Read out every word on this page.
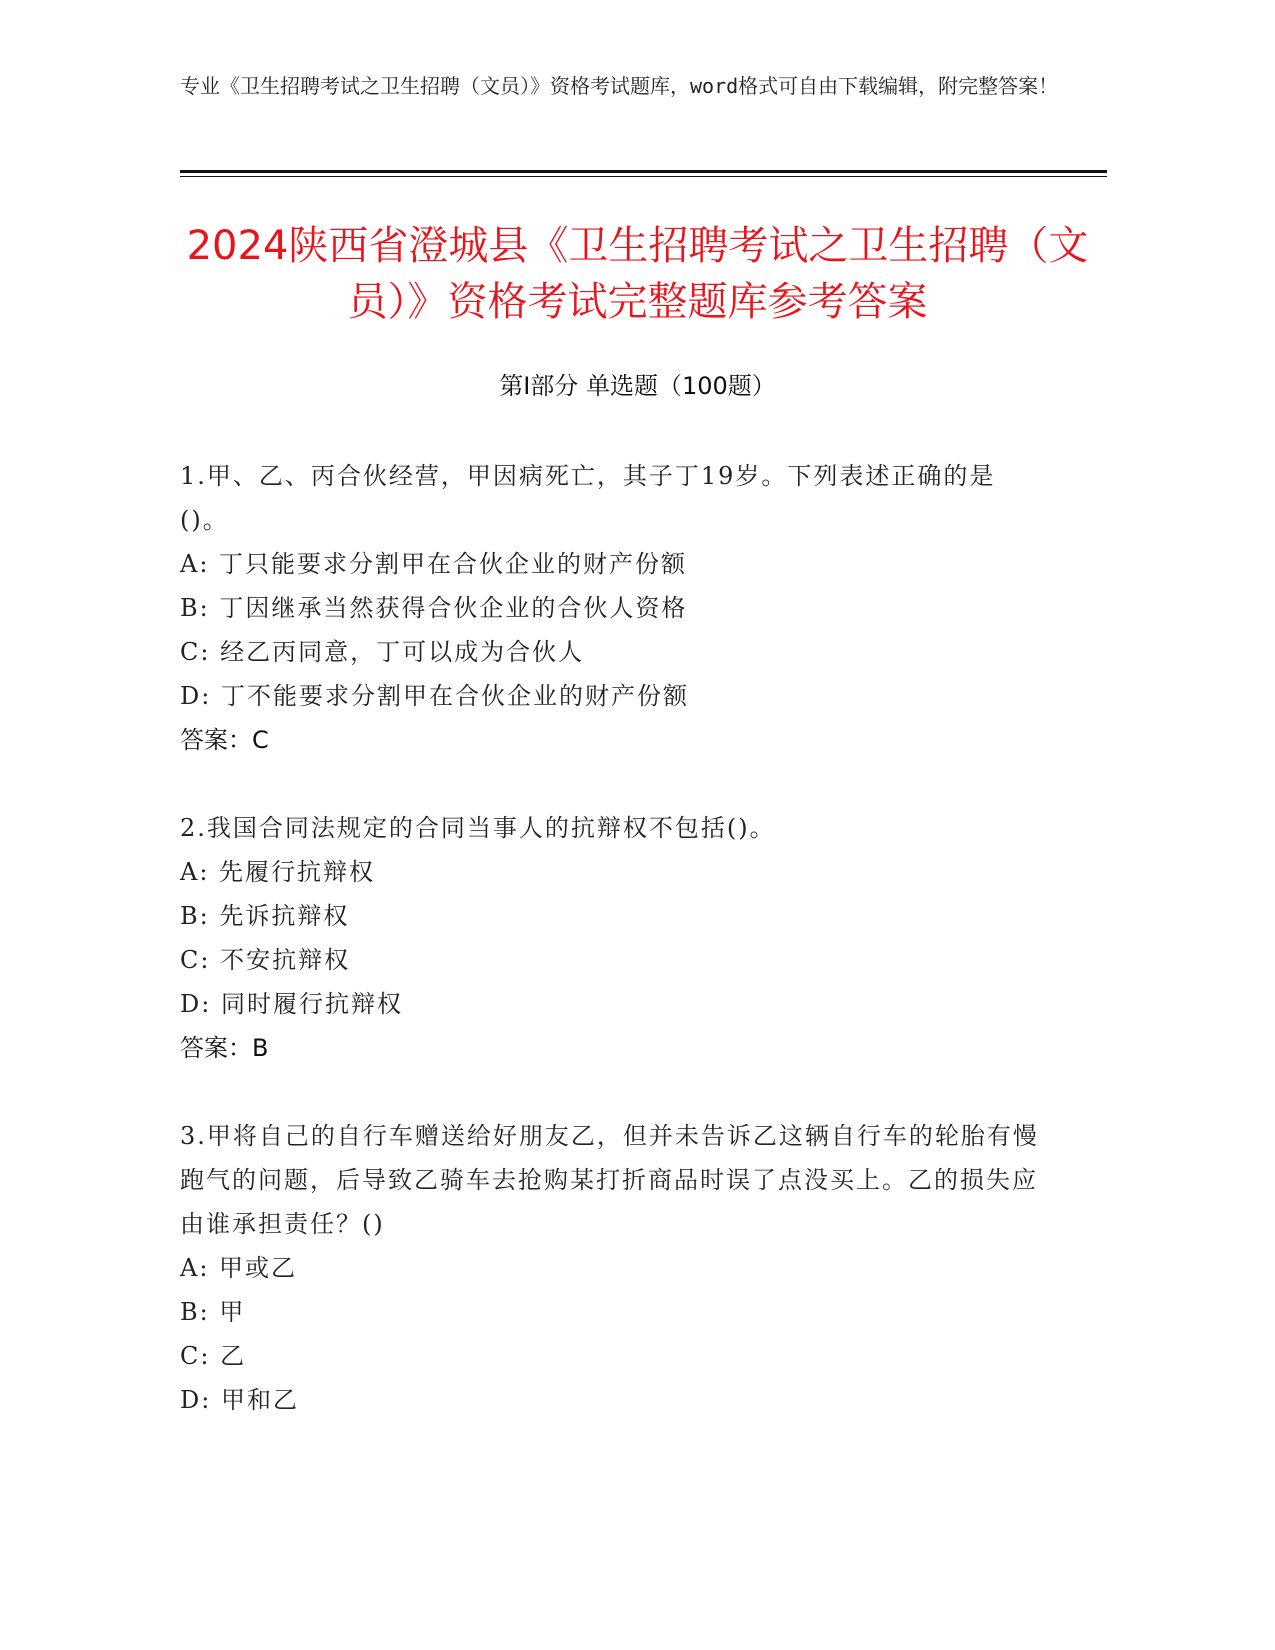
专业《卫生招聘考试之卫生招聘（文员）》资格考试题库，word格式可自由下载编辑，附完整答案！
2024陕西省澄城县《卫生招聘考试之卫生招聘（文员）》资格考试完整题库参考答案
第Ⅰ部分 单选题（100题）
1.甲、乙、丙合伙经营，甲因病死亡，其子丁19岁。下列表述正确的是()。
A: 丁只能要求分割甲在合伙企业的财产份额
B: 丁因继承当然获得合伙企业的合伙人资格
C: 经乙丙同意，丁可以成为合伙人
D: 丁不能要求分割甲在合伙企业的财产份额
答案：C
2.我国合同法规定的合同当事人的抗辩权不包括()。
A: 先履行抗辩权
B: 先诉抗辩权
C: 不安抗辩权
D: 同时履行抗辩权
答案：B
3.甲将自己的自行车赠送给好朋友乙，但并未告诉乙这辆自行车的轮胎有慢跑气的问题，后导致乙骑车去抢购某打折商品时误了点没买上。乙的损失应由谁承担责任？()
A: 甲或乙
B: 甲
C: 乙
D: 甲和乙
